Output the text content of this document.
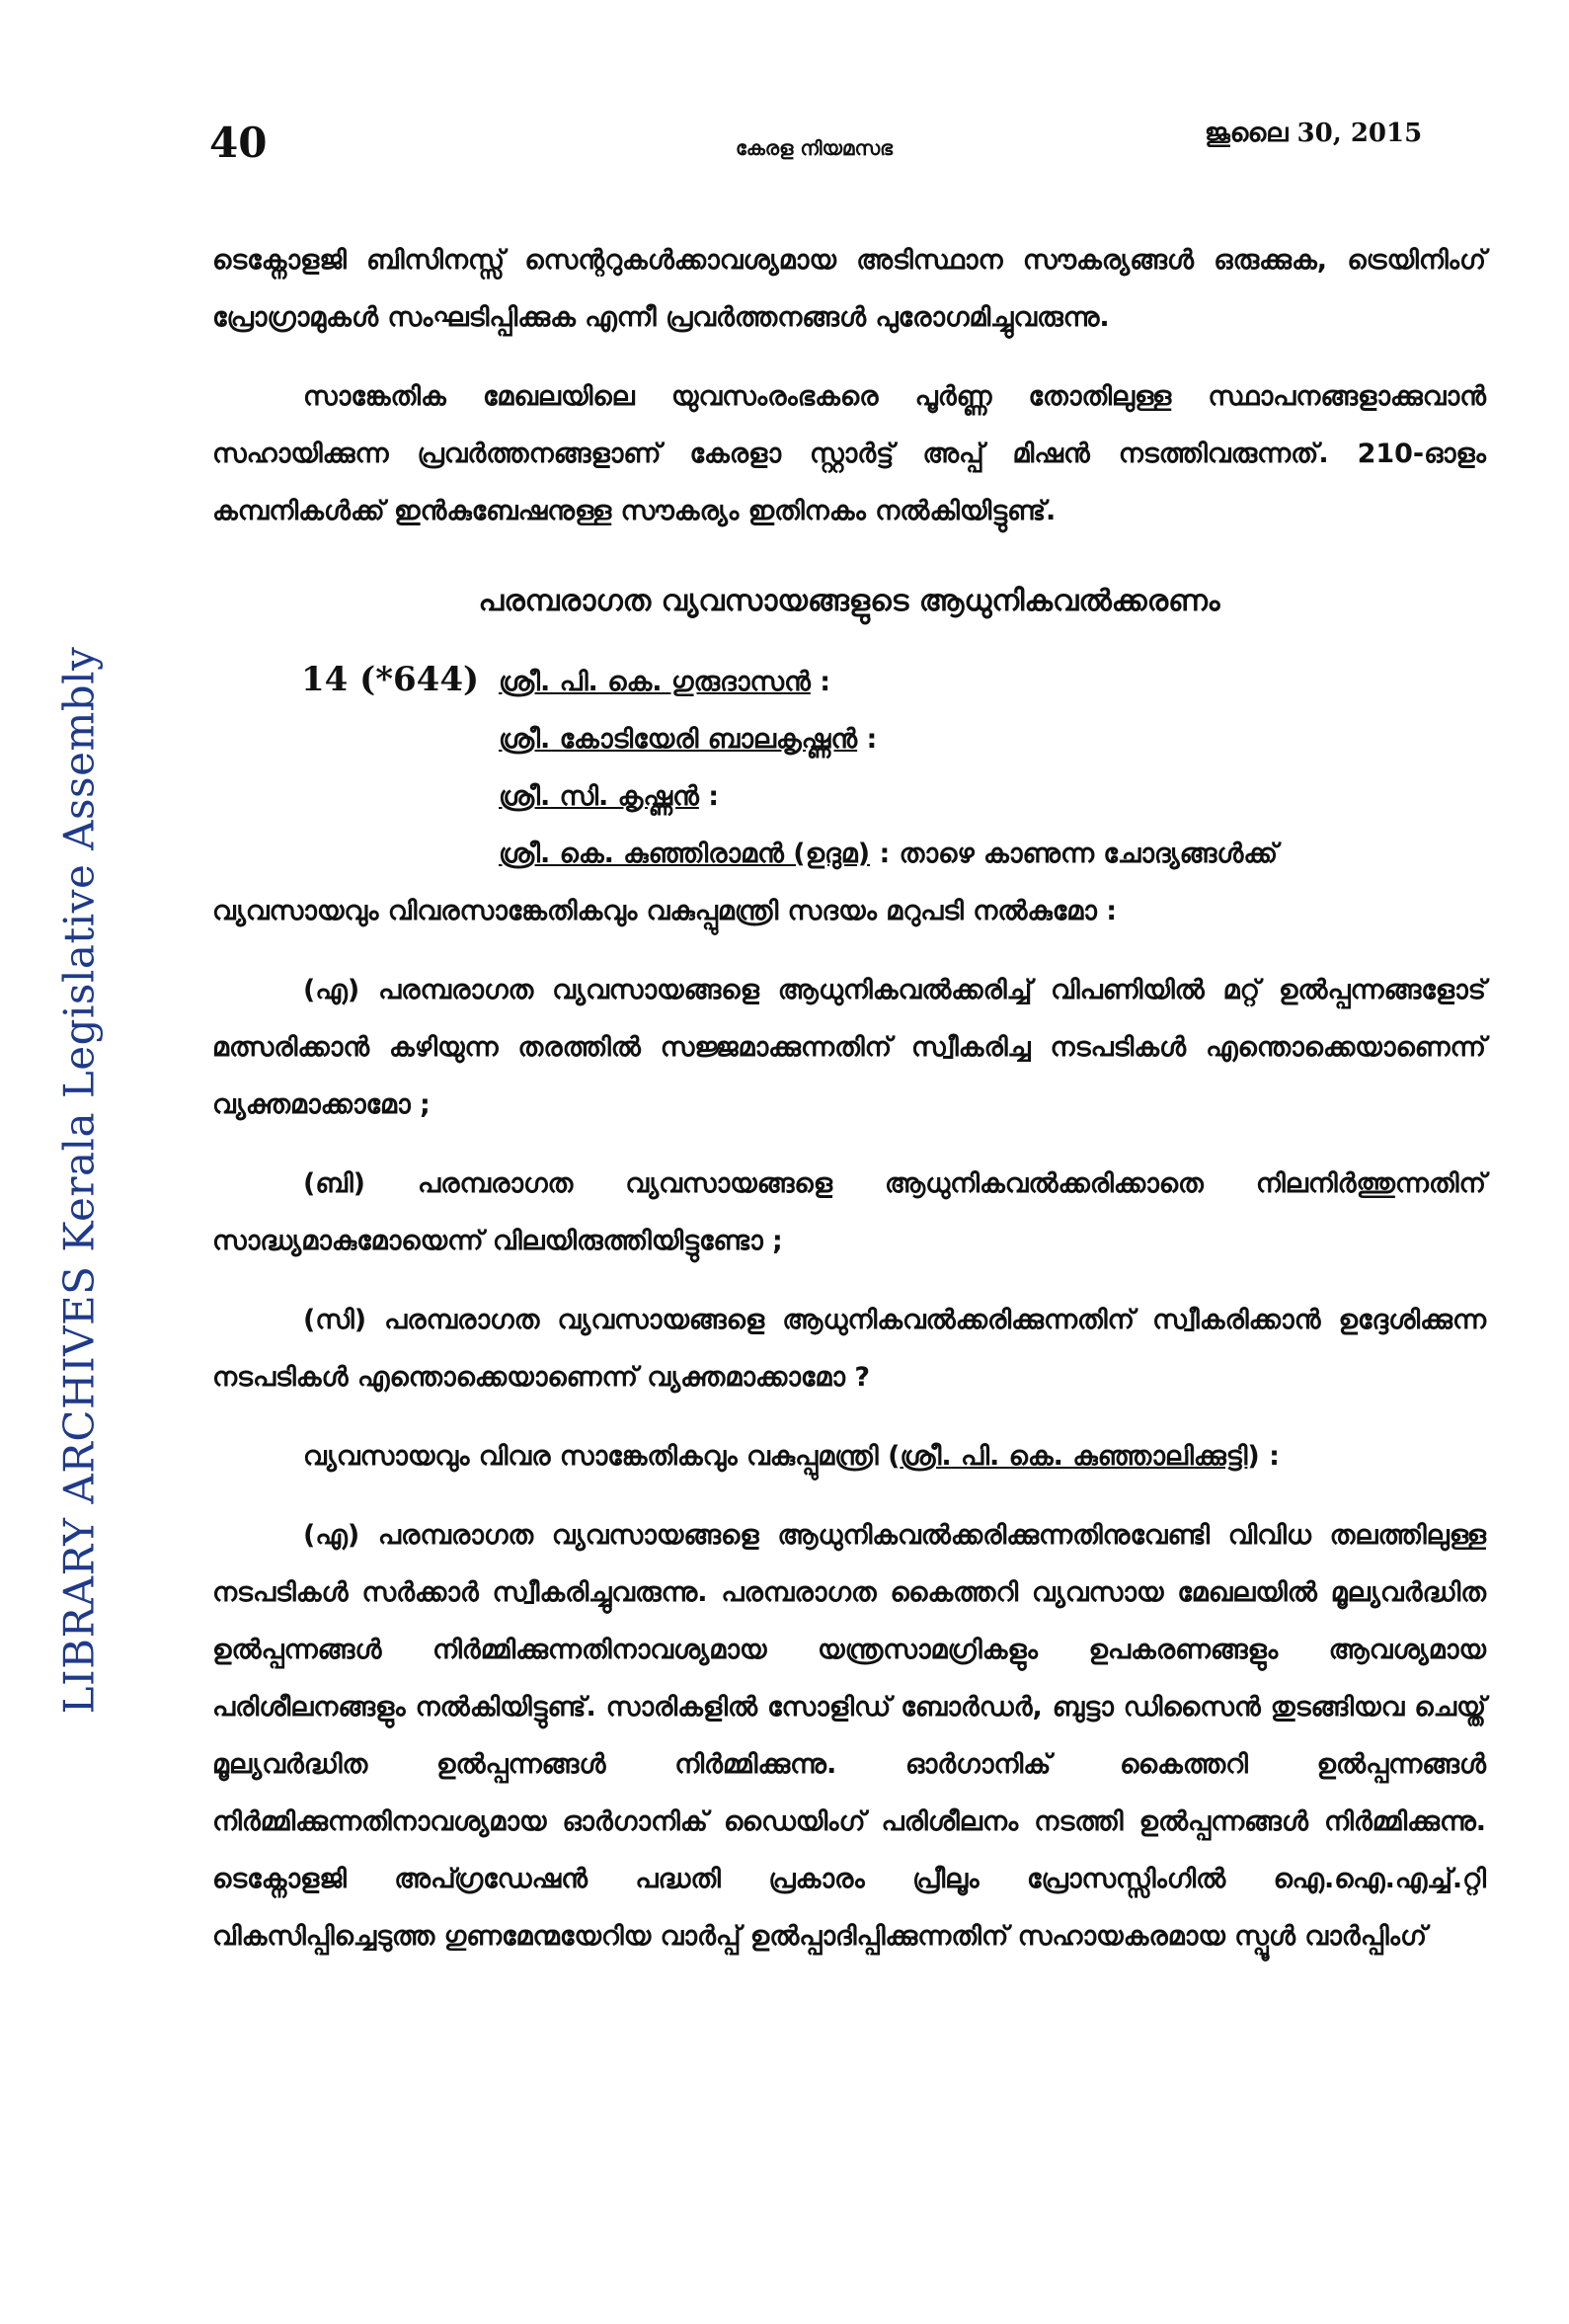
LIBRARY ARCHIVES Kerala Legislative Assembly
40	കേരള നിയമസഭ	ജൂലൈ 30, 2015

ടെക്നോളജി ബിസിനസ്സ് സെന്ററുകൾക്കാവശ്യമായ അടിസ്ഥാന സൗകര്യങ്ങൾ ഒരുക്കുക, ട്രെയിനിംഗ് പ്രോഗ്രാമുകൾ സംഘടിപ്പിക്കുക എന്നീ പ്രവർത്തനങ്ങൾ പുരോഗമിച്ചുവരുന്നു.

സാങ്കേതിക മേഖലയിലെ യുവസംരംഭകരെ പൂർണ്ണ തോതിലുള്ള സ്ഥാപനങ്ങളാക്കുവാൻ സഹായിക്കുന്ന പ്രവർത്തനങ്ങളാണ് കേരളാ സ്റ്റാർട്ട് അപ്പ് മിഷൻ നടത്തിവരുന്നത്. 210-ഓളം കമ്പനികൾക്ക് ഇൻകുബേഷനുള്ള സൗകര്യം ഇതിനകം നൽകിയിട്ടുണ്ട്.

പരമ്പരാഗത വ്യവസായങ്ങളുടെ ആധുനികവൽക്കരണം
14 (*644) ശ്രീ. പി. കെ. ഗുരുദാസൻ :
ശ്രീ. കോടിയേരി ബാലകൃഷ്ണൻ :
ശ്രീ. സി. കൃഷ്ണൻ :
ശ്രീ. കെ. കുഞ്ഞിരാമൻ (ഉദുമ) : താഴെ കാണുന്ന ചോദ്യങ്ങൾക്ക്

വ്യവസായവും വിവരസാങ്കേതികവും വകുപ്പുമന്ത്രി സദയം മറുപടി നൽകുമോ :

(എ) പരമ്പരാഗത വ്യവസായങ്ങളെ ആധുനികവൽക്കരിച്ച് വിപണിയിൽ മറ്റ് ഉൽപ്പന്നങ്ങളോട് മത്സരിക്കാൻ കഴിയുന്ന തരത്തിൽ സജ്ജമാക്കുന്നതിന് സ്വീകരിച്ച നടപടികൾ എന്തൊക്കെയാണെന്ന് വ്യക്തമാക്കാമോ ;

(ബി) പരമ്പരാഗത വ്യവസായങ്ങളെ ആധുനികവൽക്കരിക്കാതെ നിലനിർത്തുന്നതിന് സാദ്ധ്യമാകുമോയെന്ന് വിലയിരുത്തിയിട്ടുണ്ടോ ;

(സി) പരമ്പരാഗത വ്യവസായങ്ങളെ ആധുനികവൽക്കരിക്കുന്നതിന് സ്വീകരിക്കാൻ ഉദ്ദേശിക്കുന്ന നടപടികൾ എന്തൊക്കെയാണെന്ന് വ്യക്തമാക്കാമോ ?

വ്യവസായവും വിവര സാങ്കേതികവും വകുപ്പുമന്ത്രി (ശ്രീ. പി. കെ. കുഞ്ഞാലിക്കുട്ടി) :

(എ) പരമ്പരാഗത വ്യവസായങ്ങളെ ആധുനികവൽക്കരിക്കുന്നതിനുവേണ്ടി വിവിധ തലത്തിലുള്ള നടപടികൾ സർക്കാർ സ്വീകരിച്ചുവരുന്നു. പരമ്പരാഗത കൈത്തറി വ്യവസായ മേഖലയിൽ മൂല്യവർദ്ധിത ഉൽപ്പന്നങ്ങൾ നിർമ്മിക്കുന്നതിനാവശ്യമായ യന്ത്രസാമഗ്രികളും ഉപകരണങ്ങളും ആവശ്യമായ പരിശീലനങ്ങളും നൽകിയിട്ടുണ്ട്. സാരികളിൽ സോളിഡ് ബോർഡർ, ബുട്ടാ ഡിസൈൻ തുടങ്ങിയവ ചെയ്ത് മൂല്യവർദ്ധിത ഉൽപ്പന്നങ്ങൾ നിർമ്മിക്കുന്നു. ഓർഗാനിക് കൈത്തറി ഉൽപ്പന്നങ്ങൾ നിർമ്മിക്കുന്നതിനാവശ്യമായ ഓർഗാനിക് ഡൈയിംഗ് പരിശീലനം നടത്തി ഉൽപ്പന്നങ്ങൾ നിർമ്മിക്കുന്നു. ടെക്നോളജി അപ്ഗ്രഡേഷൻ പദ്ധതി പ്രകാരം പ്രീലൂം പ്രോസസ്സിംഗിൽ ഐ.ഐ.എച്ച്.റ്റി വികസിപ്പിച്ചെടുത്ത ഗുണമേന്മയേറിയ വാർപ്പ് ഉൽപ്പാദിപ്പിക്കുന്നതിന് സഹായകരമായ സ്പൂൾ വാർപ്പിംഗ്
